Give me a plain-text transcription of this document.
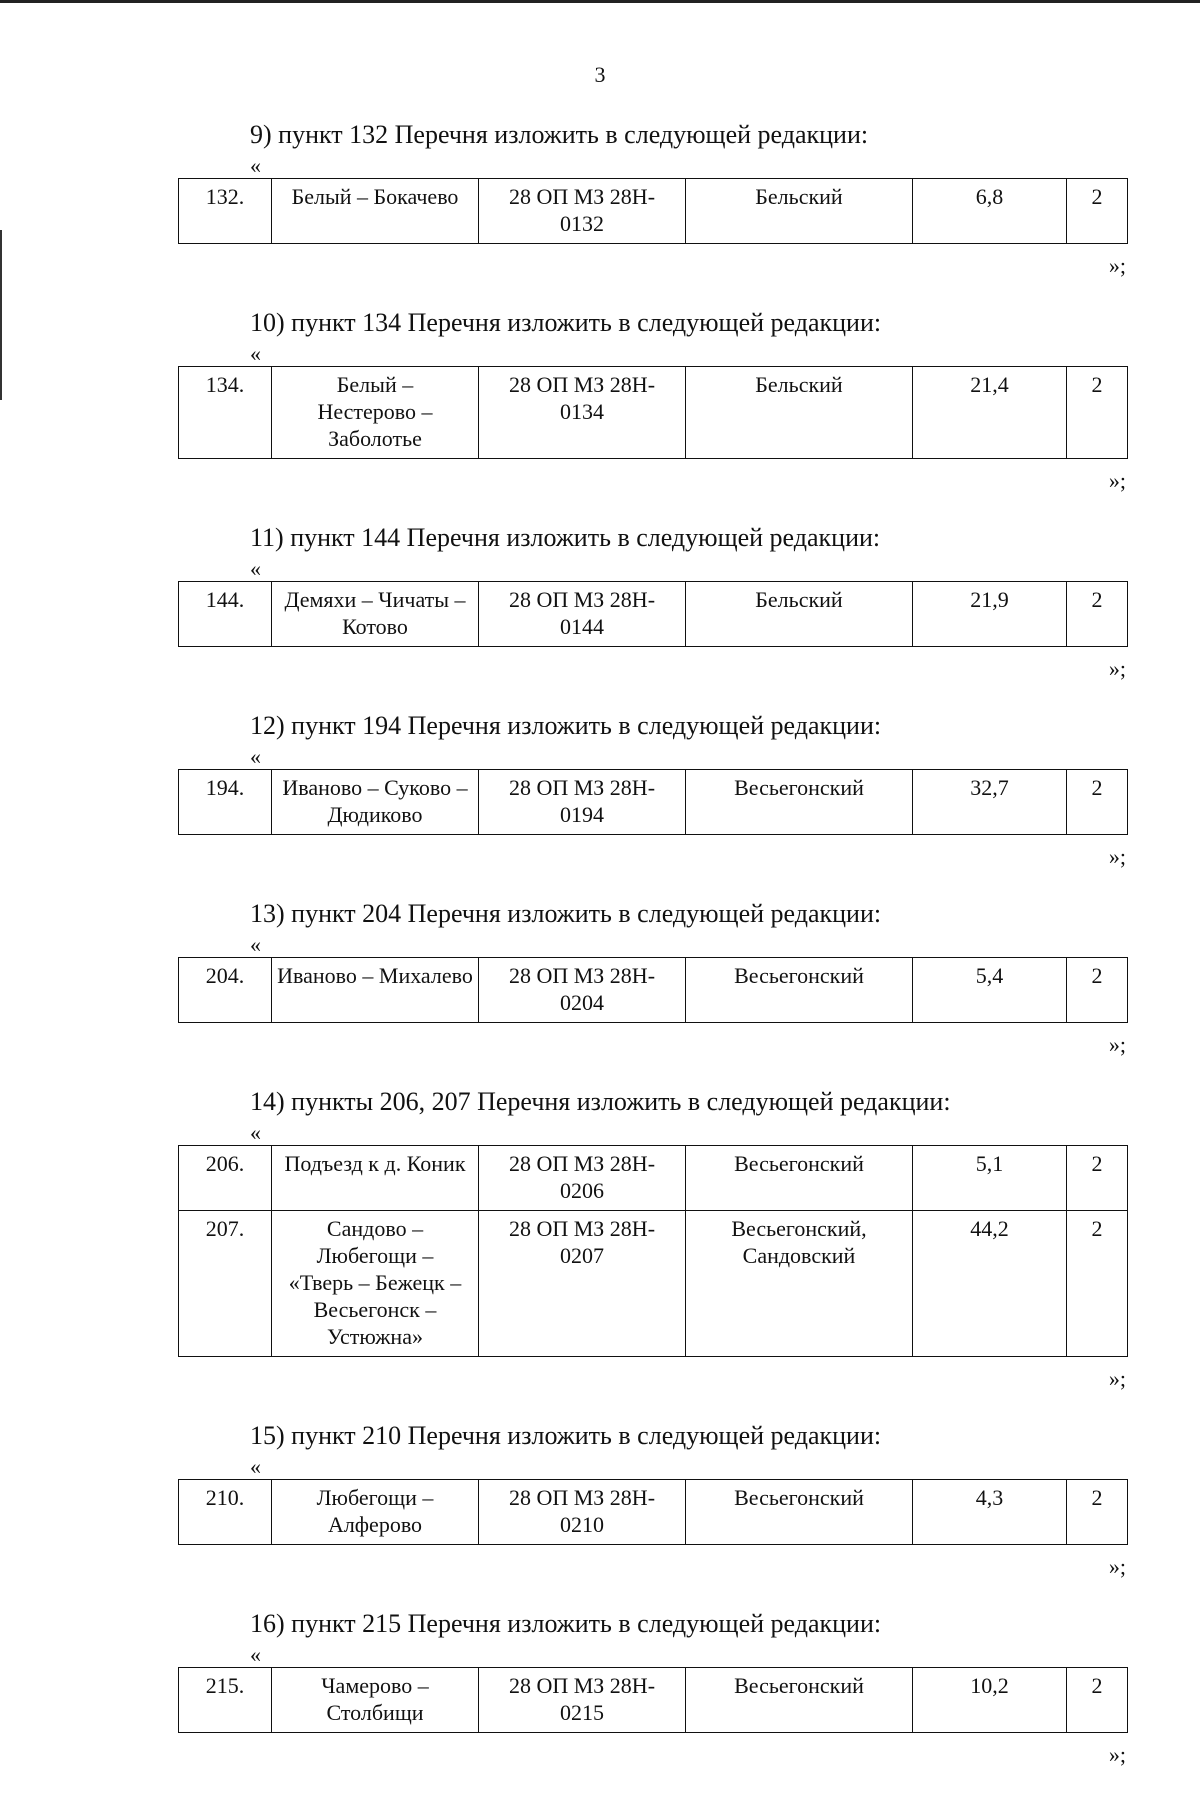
3
9) пункт 132 Перечня изложить в следующей редакции:
«
132.	Белый – Бокачево	28 ОП МЗ 28Н-
0132	Бельский	6,8	2
»;
10) пункт 134 Перечня изложить в следующей редакции:
«
134.	Белый –
Нестерово –
Заболотье	28 ОП МЗ 28Н-
0134	Бельский	21,4	2
»;
11) пункт 144 Перечня изложить в следующей редакции:
«
144.	Демяхи – Чичаты –
Котово	28 ОП МЗ 28Н-
0144	Бельский	21,9	2
»;
12) пункт 194 Перечня изложить в следующей редакции:
«
194.	Иваново – Суково –
Дюдиково	28 ОП МЗ 28Н-
0194	Весьегонский	32,7	2
»;
13) пункт 204 Перечня изложить в следующей редакции:
«
204.	Иваново – Михалево	28 ОП МЗ 28Н-
0204	Весьегонский	5,4	2
»;
14) пункты 206, 207 Перечня изложить в следующей редакции:
«
206.	Подъезд к д. Коник	28 ОП МЗ 28Н-
0206	Весьегонский	5,1	2
207.	Сандово –
Любегощи –
«Тверь – Бежецк –
Весьегонск –
Устюжна»	28 ОП МЗ 28Н-
0207	Весьегонский,
Сандовский	44,2	2
»;
15) пункт 210 Перечня изложить в следующей редакции:
«
210.	Любегощи –
Алферово	28 ОП МЗ 28Н-
0210	Весьегонский	4,3	2
»;
16) пункт 215 Перечня изложить в следующей редакции:
«
215.	Чамерово –
Столбищи	28 ОП МЗ 28Н-
0215	Весьегонский	10,2	2
»;
